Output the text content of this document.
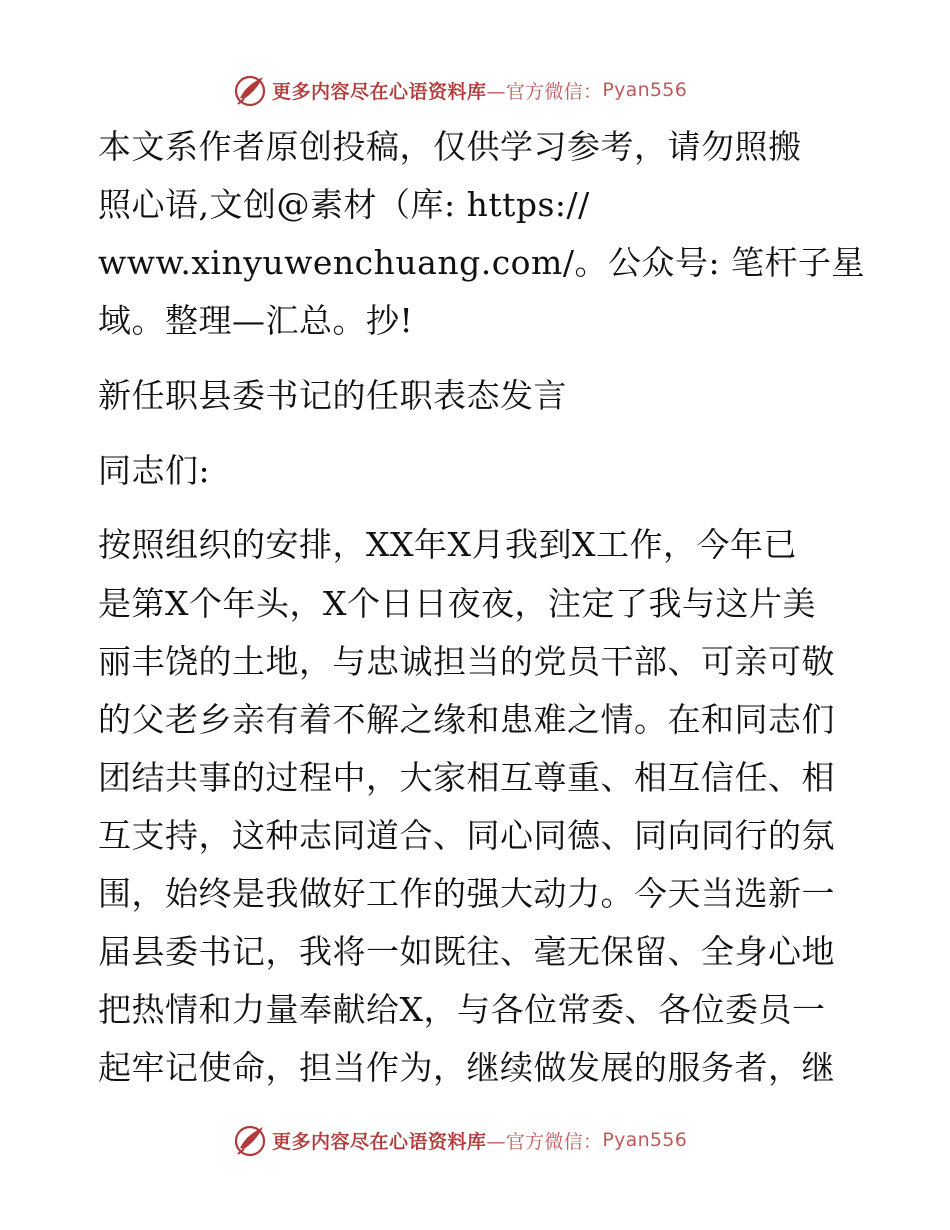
更多内容尽在心语资料库 —官方微信： Pyan556
本文系作者原创投稿，仅供学习参考，请勿照搬
照心语,文创@素材（库: https://
www.xinyuwenchuang.com/。公众号: 笔杆子星
域。整理—汇总。抄!
新任职县委书记的任职表态发言
同志们:
按照组织的安排，XX年X月我到X工作，今年已
是第X个年头，X个日日夜夜，注定了我与这片美
丽丰饶的土地，与忠诚担当的党员干部、可亲可敬
的父老乡亲有着不解之缘和患难之情。在和同志们
团结共事的过程中，大家相互尊重、相互信任、相
互支持，这种志同道合、同心同德、同向同行的氛
围，始终是我做好工作的强大动力。今天当选新一
届县委书记，我将一如既往、毫无保留、全身心地
把热情和力量奉献给X，与各位常委、各位委员一
起牢记使命，担当作为，继续做发展的服务者，继
更多内容尽在心语资料库 —官方微信： Pyan556
